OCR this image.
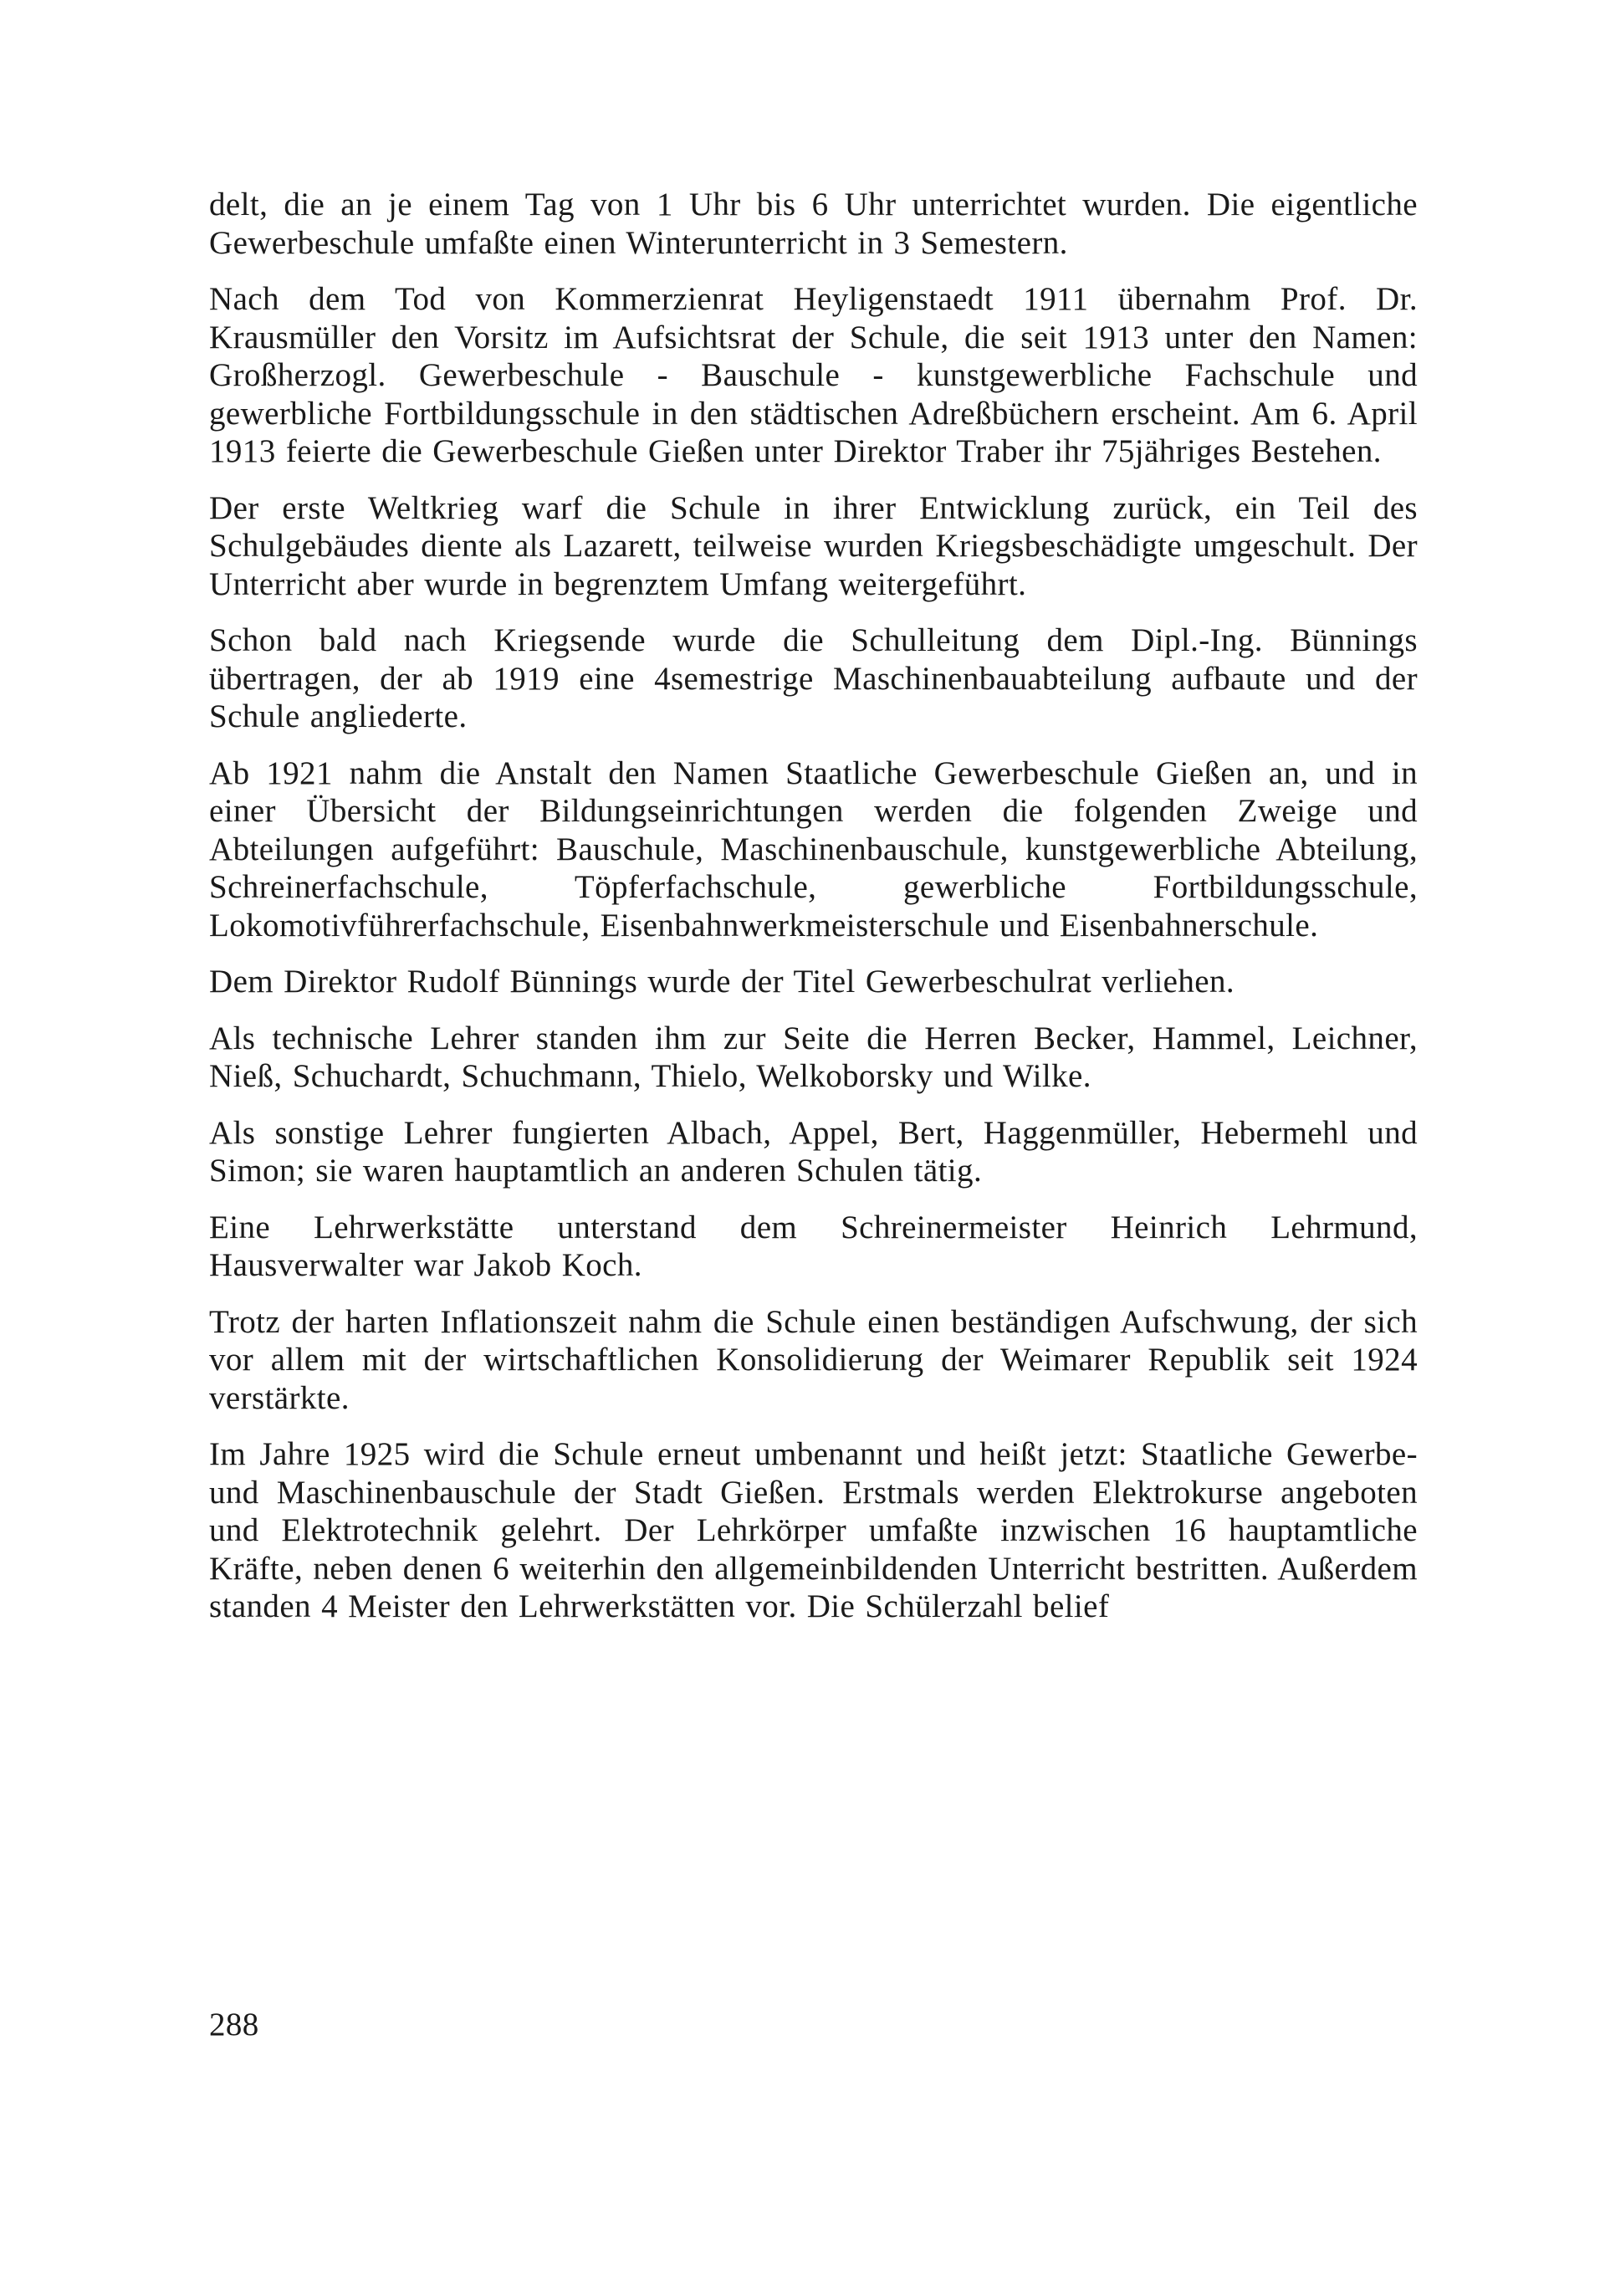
delt, die an je einem Tag von 1 Uhr bis 6 Uhr unterrichtet wurden. Die eigentliche Gewerbeschule umfaßte einen Winterunterricht in 3 Semestern.

Nach dem Tod von Kommerzienrat Heyligenstaedt 1911 übernahm Prof. Dr. Krausmüller den Vorsitz im Aufsichtsrat der Schule, die seit 1913 unter den Namen: Großherzogl. Gewerbeschule - Bauschule - kunstgewerbliche Fachschule und gewerbliche Fortbildungsschule in den städtischen Adreßbüchern erscheint. Am 6. April 1913 feierte die Gewerbeschule Gießen unter Direktor Traber ihr 75jähriges Bestehen.

Der erste Weltkrieg warf die Schule in ihrer Entwicklung zurück, ein Teil des Schulgebäudes diente als Lazarett, teilweise wurden Kriegsbeschädigte umgeschult. Der Unterricht aber wurde in begrenztem Umfang weitergeführt.

Schon bald nach Kriegsende wurde die Schulleitung dem Dipl.-Ing. Bünnings übertragen, der ab 1919 eine 4semestrige Maschinenbauabteilung aufbaute und der Schule angliederte.

Ab 1921 nahm die Anstalt den Namen Staatliche Gewerbeschule Gießen an, und in einer Übersicht der Bildungseinrichtungen werden die folgenden Zweige und Abteilungen aufgeführt: Bauschule, Maschinenbauschule, kunstgewerbliche Abteilung, Schreinerfachschule, Töpferfachschule, gewerbliche Fortbildungsschule, Lokomotivführerfachschule, Eisenbahnwerkmeisterschule und Eisenbahnerschule.

Dem Direktor Rudolf Bünnings wurde der Titel Gewerbeschulrat verliehen.

Als technische Lehrer standen ihm zur Seite die Herren Becker, Hammel, Leichner, Nieß, Schuchardt, Schuchmann, Thielo, Welkoborsky und Wilke.

Als sonstige Lehrer fungierten Albach, Appel, Bert, Haggenmüller, Hebermehl und Simon; sie waren hauptamtlich an anderen Schulen tätig.

Eine Lehrwerkstätte unterstand dem Schreinermeister Heinrich Lehrmund, Hausverwalter war Jakob Koch.

Trotz der harten Inflationszeit nahm die Schule einen beständigen Aufschwung, der sich vor allem mit der wirtschaftlichen Konsolidierung der Weimarer Republik seit 1924 verstärkte.

Im Jahre 1925 wird die Schule erneut umbenannt und heißt jetzt: Staatliche Gewerbe- und Maschinenbauschule der Stadt Gießen. Erstmals werden Elektrokurse angeboten und Elektrotechnik gelehrt. Der Lehrkörper umfaßte inzwischen 16 hauptamtliche Kräfte, neben denen 6 weiterhin den allgemeinbildenden Unterricht bestritten. Außerdem standen 4 Meister den Lehrwerkstätten vor. Die Schülerzahl belief

288
